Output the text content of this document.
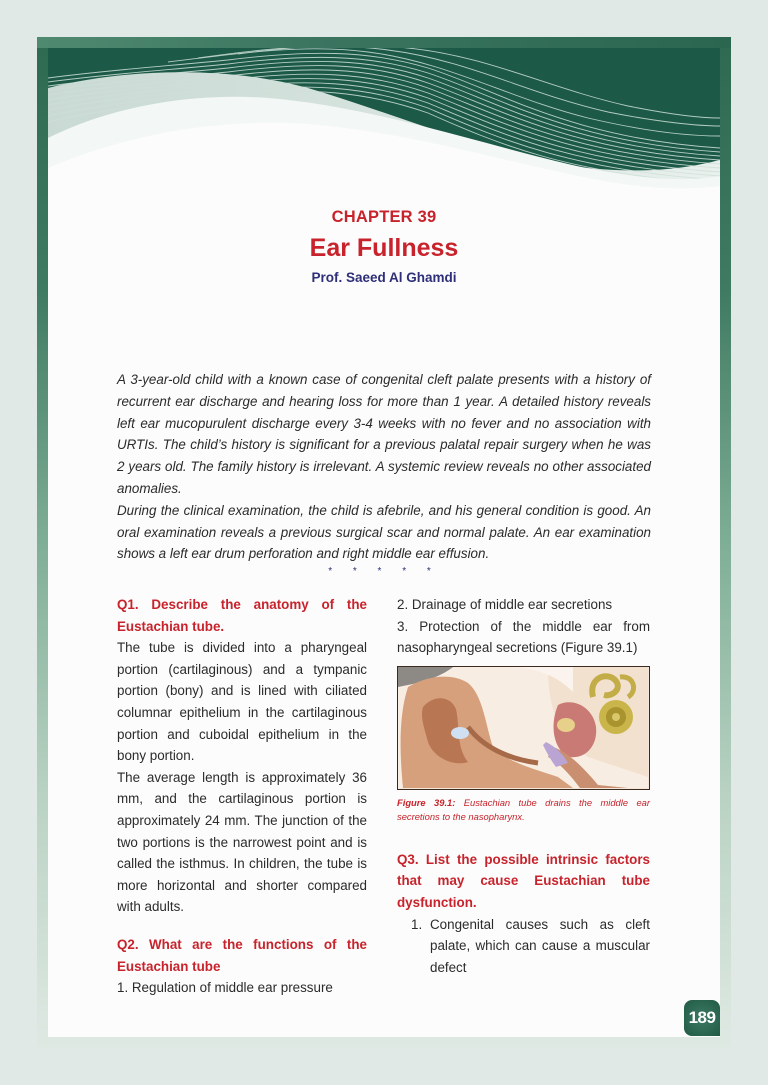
CHAPTER 39
Ear Fullness
Prof. Saeed Al Ghamdi

A 3-year-old child with a known case of congenital cleft palate presents with a history of recurrent ear discharge and hearing loss for more than 1 year. A detailed history reveals left ear mucopurulent discharge every 3-4 weeks with no fever and no association with URTIs. The child’s history is significant for a previous palatal repair surgery when he was 2 years old. The family history is irrelevant. A systemic review reveals no other associated anomalies.

During the clinical examination, the child is afebrile, and his general condition is good. An oral examination reveals a previous surgical scar and normal palate. An ear examination shows a left ear drum perforation and right middle ear effusion.

* * * * *
Q1. Describe the anatomy of the Eustachian tube.
The tube is divided into a pharyngeal portion (cartilaginous) and a tympanic portion (bony) and is lined with ciliated columnar epithelium in the cartilaginous portion and cuboidal epithelium in the bony portion.
The average length is approximately 36 mm, and the cartilaginous portion is approximately 24 mm. The junction of the two portions is the narrowest point and is called the isthmus. In children, the tube is more horizontal and shorter compared with adults.
Q2. What are the functions of the Eustachian tube
1. Regulation of middle ear pressure
2. Drainage of middle ear secretions
3. Protection of the middle ear from nasopharyngeal secretions (Figure 39.1)
Figure 39.1: Eustachian tube drains the middle ear secretions to the nasopharynx.
Q3. List the possible intrinsic factors that may cause Eustachian tube dysfunction.
1. Congenital causes such as cleft palate, which can cause a muscular defect
189
